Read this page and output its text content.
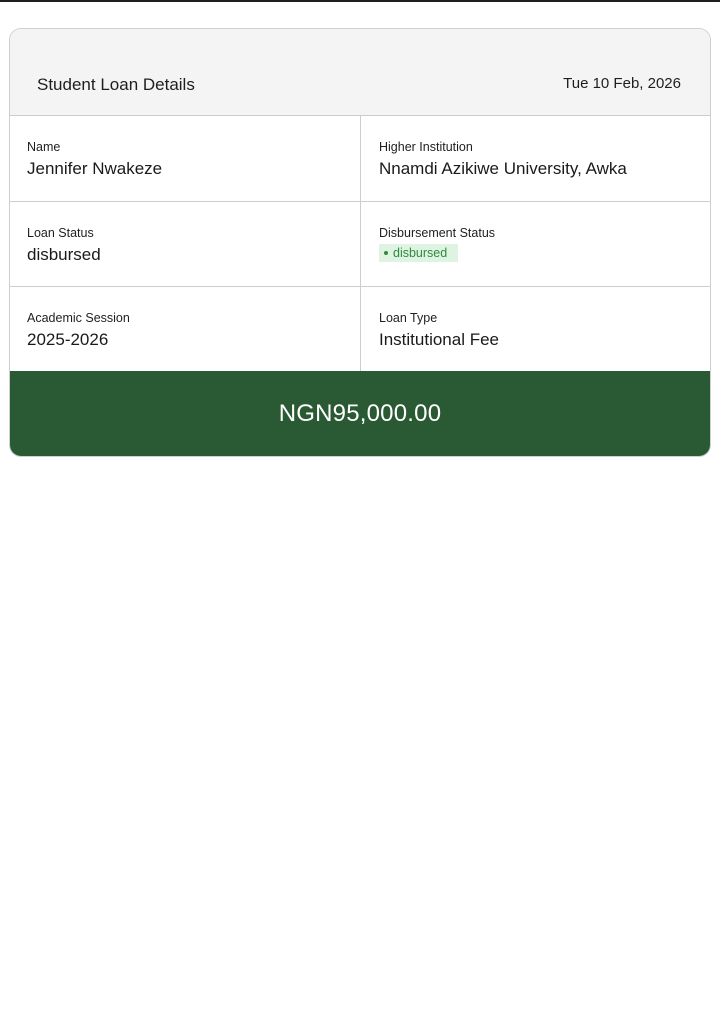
Student Loan Details	Tue 10 Feb, 2026
Name
Jennifer Nwakeze
Higher Institution
Nnamdi Azikiwe University, Awka
Loan Status
disbursed
Disbursement Status
disbursed
Academic Session
2025-2026
Loan Type
Institutional Fee
NGN95,000.00
